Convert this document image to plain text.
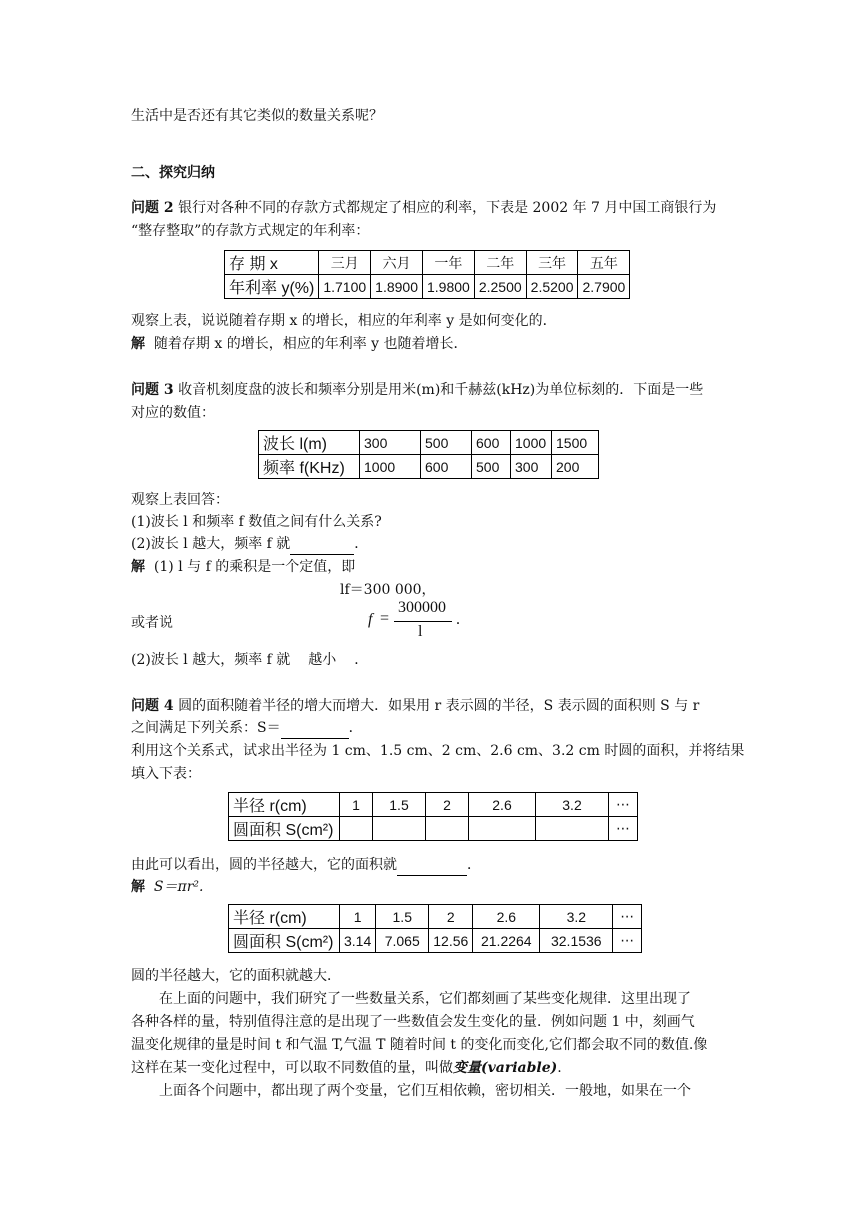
生活中是否还有其它类似的数量关系呢？
二、探究归纳
问题 2 银行对各种不同的存款方式都规定了相应的利率，下表是 2002 年 7 月中国工商银行为
“整存整取”的存款方式规定的年利率：
存 期 x	三月	六月	一年	二年	三年	五年
年利率 y(%)	1.7100	1.8900	1.9800	2.2500	2.5200	2.7900
观察上表，说说随着存期 x 的增长，相应的年利率 y 是如何变化的．
解 随着存期 x 的增长，相应的年利率 y 也随着增长．
问题 3 收音机刻度盘的波长和频率分别是用米(m)和千赫兹(kHz)为单位标刻的．下面是一些
对应的数值：
波长 l(m)	300	500	600	1000	1500
频率 f(KHz)	1000	600	500	300	200
观察上表回答：
(1)波长 l 和频率 f 数值之间有什么关系?
(2)波长 l 越大，频率 f 就	．
解 (1) l 与 f 的乘积是一个定值，即
lf＝300 000，
或者说	f =
300000
l
.
(2)波长 l 越大，频率 f 就 越小 ．
问题 4 圆的面积随着半径的增大而增大．如果用 r 表示圆的半径，S 表示圆的面积则 S 与 r
之间满足下列关系：S＝	．
利用这个关系式，试求出半径为 1 cm、1.5 cm、2 cm、2.6 cm、3.2 cm 时圆的面积，并将结果
填入下表：
半径 r(cm)	1	1.5	2	2.6	3.2	⋯
圆面积 S(cm²)						⋯
由此可以看出，圆的半径越大，它的面积就	．
解 S＝πr².
半径 r(cm)	1	1.5	2	2.6	3.2	⋯
圆面积 S(cm²)	3.14	7.065	12.56	21.2264	32.1536	⋯
圆的半径越大，它的面积就越大．
在上面的问题中，我们研究了一些数量关系，它们都刻画了某些变化规律．这里出现了
各种各样的量，特别值得注意的是出现了一些数值会发生变化的量．例如问题 1 中，刻画气
温变化规律的量是时间 t 和气温 T,气温 T 随着时间 t 的变化而变化,它们都会取不同的数值.像
这样在某一变化过程中，可以取不同数值的量，叫做变量(variable).
上面各个问题中，都出现了两个变量，它们互相依赖，密切相关．一般地，如果在一个
